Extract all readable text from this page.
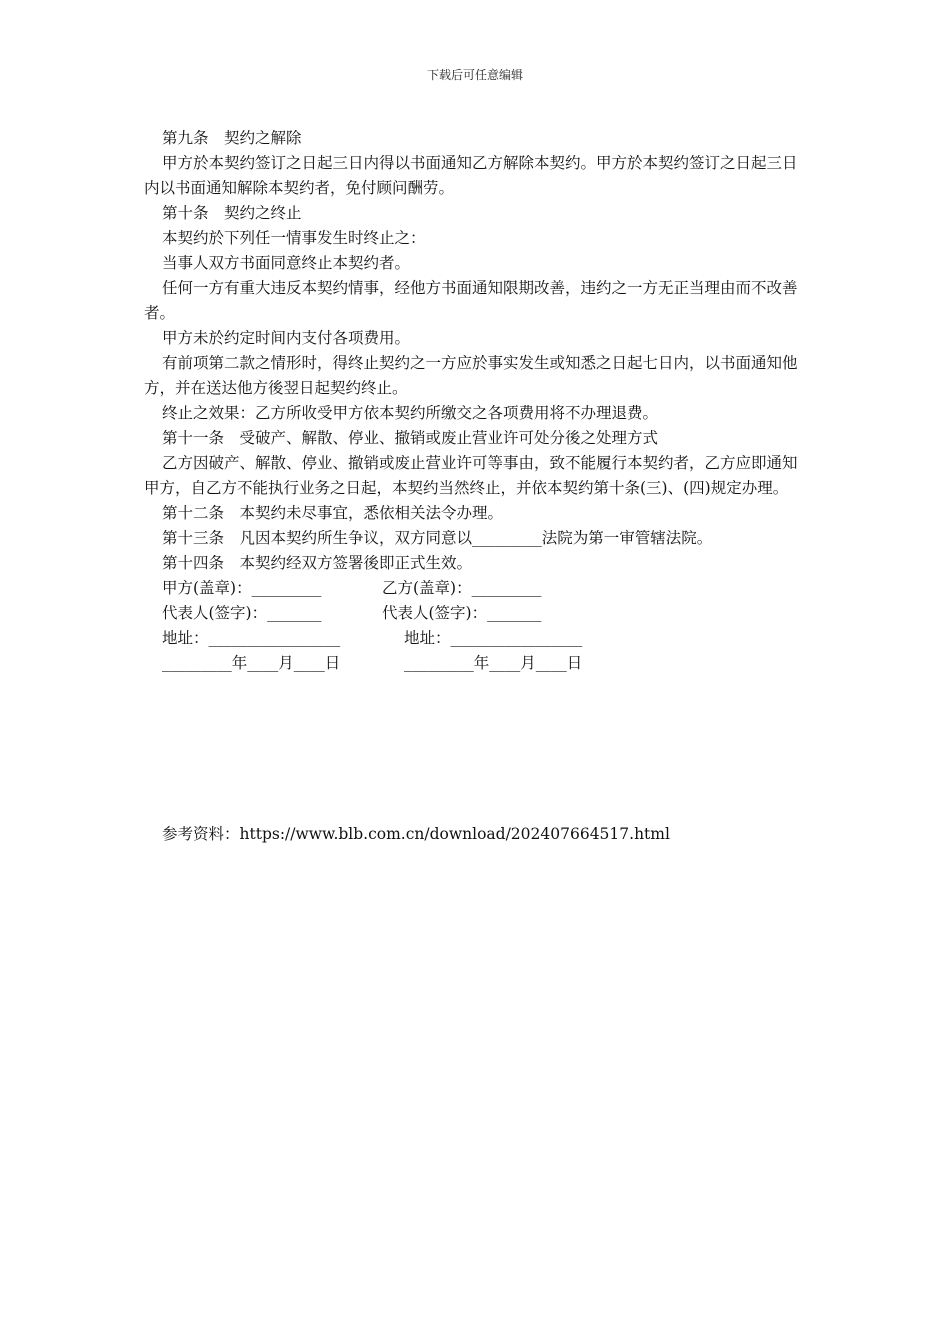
下载后可任意编辑
第九条　契约之解除
甲方於本契约签订之日起三日内得以书面通知乙方解除本契约。甲方於本契约签订之日起三日内以书面通知解除本契约者，免付顾问酬劳。
第十条　契约之终止
本契约於下列任一情事发生时终止之：
当事人双方书面同意终止本契约者。
任何一方有重大违反本契约情事，经他方书面通知限期改善，违约之一方无正当理由而不改善者。
甲方未於约定时间内支付各项费用。
有前项第二款之情形时，得终止契约之一方应於事实发生或知悉之日起七日内，以书面通知他方，并在送达他方後翌日起契约终止。
终止之效果：乙方所收受甲方依本契约所缴交之各项费用将不办理退费。
第十一条　受破产、解散、停业、撤销或废止营业许可处分後之处理方式
乙方因破产、解散、停业、撤销或废止营业许可等事由，致不能履行本契约者，乙方应即通知甲方，自乙方不能执行业务之日起，本契约当然终止，并依本契约第十条(三)、(四)规定办理。
第十二条　本契约未尽事宜，悉依相关法令办理。
第十三条　凡因本契约所生争议，双方同意以_________法院为第一审管辖法院。
第十四条　本契约经双方签署後即正式生效。
甲方(盖章)：_________	乙方(盖章)：_________
代表人(签字)：_______	代表人(签字)：_______
地址：_________________	地址：_________________
_________年____月____日	_________年____月____日
参考资料：https://www.blb.com.cn/download/202407664517.html
